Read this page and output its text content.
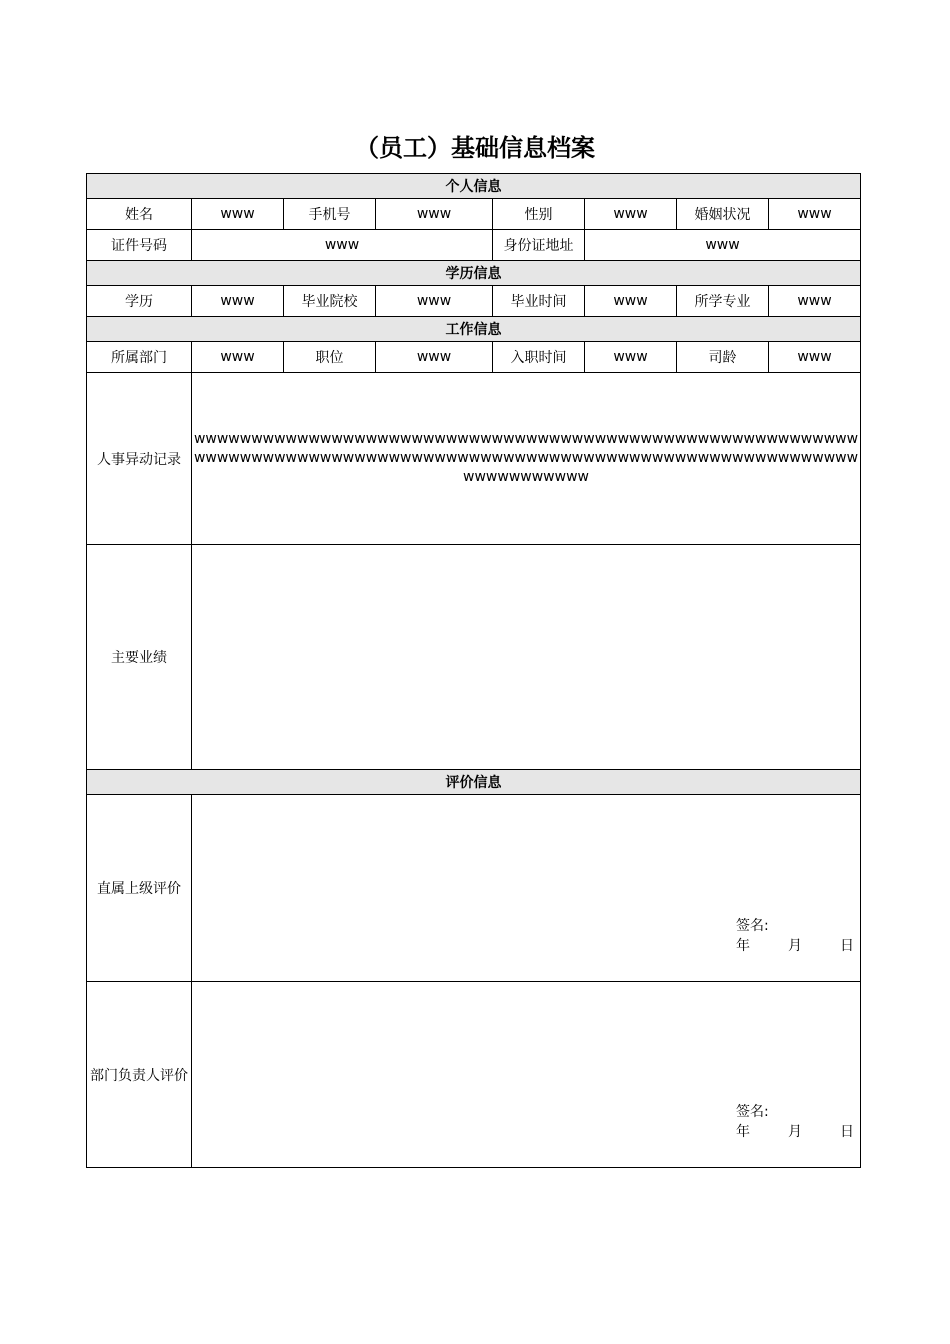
（员工）基础信息档案
个人信息							
姓名	www	手机号	www	性别	www	婚姻状况	www
证件号码	www			身份证地址	www		
学历信息							
学历	www	毕业院校	www	毕业时间	www	所学专业	www
工作信息							
所属部门	www	职位	www	入职时间	www	司龄	www
人事异动记录	wwwwwwwwwwwwwwwwwwwwwwwwwwwwwwwwwwwwwwwwwwwwwwwwwwwwwwwwwwwwwwwwwwwwwwwwwwwwwwwwwwwwwwwwwwwwwwwwwwwwwwwwwwwwwwwwwwwwwwwwwwwwwww						
主要业绩							
评价信息							
直属上级评价	签名:
年 月 日						

部门负责人评价	签名:
年 月 日						
